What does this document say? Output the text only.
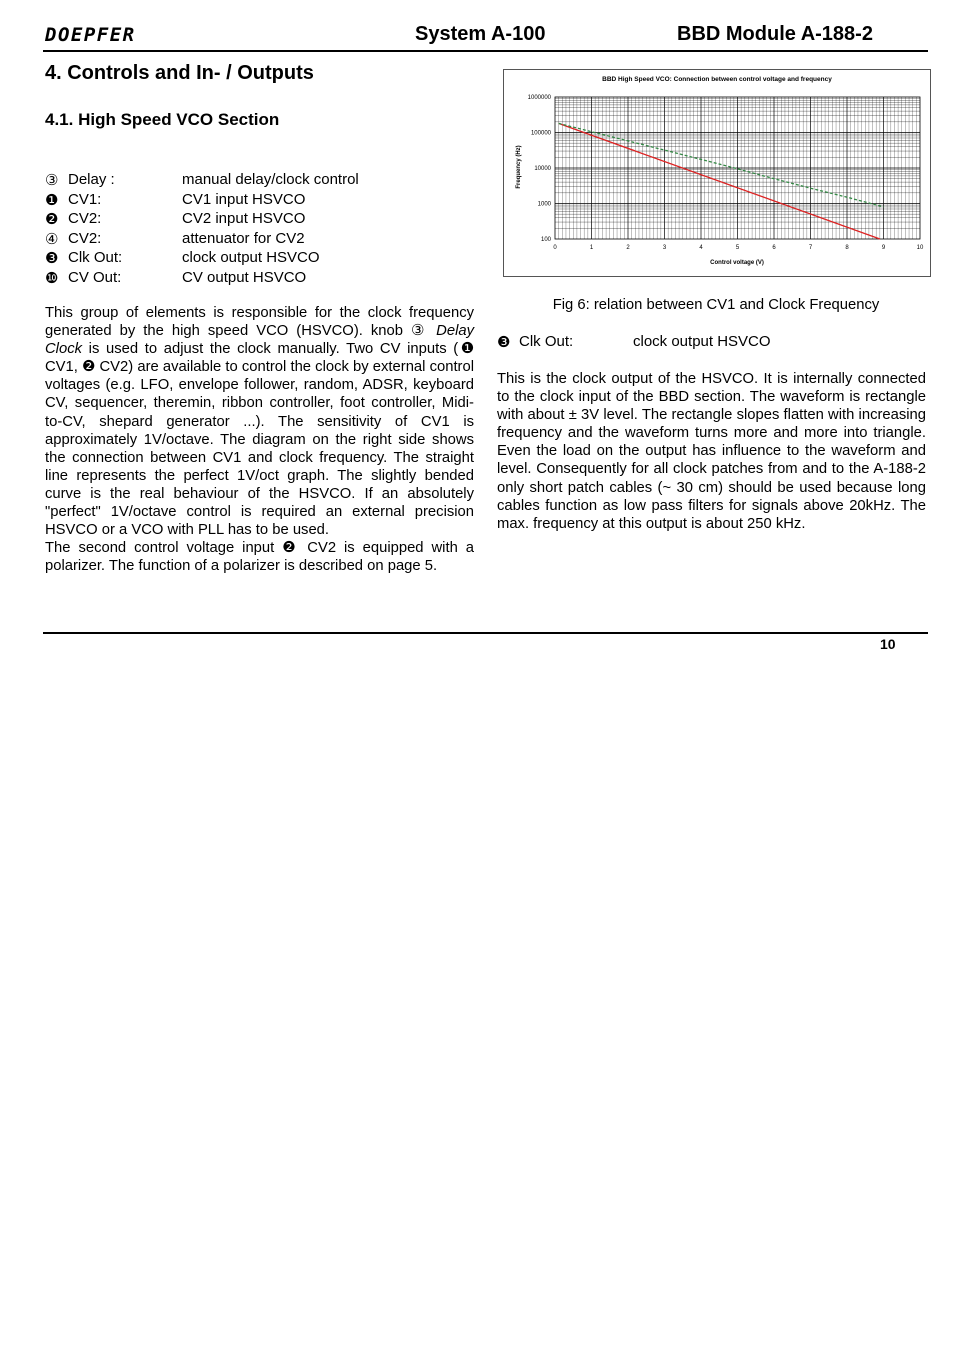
DOEPFER	System A-100	BBD Module A-188-2
4. Controls and In- / Outputs
4.1. High Speed VCO Section
③ Delay :	manual delay/clock control
❶ CV1:	CV1 input HSVCO
❷ CV2:	CV2 input HSVCO
④ CV2:	attenuator for CV2
❸ Clk Out:	clock output HSVCO
❿ CV Out:	CV output HSVCO

This group of elements is responsible for the clock frequency generated by the high speed VCO (HSVCO). knob ③ Delay Clock is used to adjust the clock manually. Two CV inputs (❶ CV1, ❷ CV2) are available to control the clock by external control voltages (e.g. LFO, envelope follower, random, ADSR, keyboard CV, sequencer, theremin, ribbon controller, foot controller, Midi-to-CV, shepard generator ...). The sensitivity of CV1 is approximately 1V/octave. The diagram on the right side shows the connection between CV1 and clock frequency. The straight line represents the perfect 1V/oct graph. The slightly bended curve is the real behaviour of the HSVCO. If an absolutely "perfect" 1V/octave control is required an external precision HSVCO or a VCO with PLL has to be used.

The second control voltage input ❷ CV2 is equipped with a polarizer. The function of a polarizer is described on page 5.

BBD High Speed VCO: Connection between control voltage and frequency
0	1	2	3	4	5	6	7	8	9	10
100
1000
10000
100000
1000000
Control voltage (V)
Frequency (Hz)
Fig 6: relation between CV1 and Clock Frequency
❸ Clk Out:	clock output HSVCO

This is the clock output of the HSVCO. It is internally connected to the clock input of the BBD section. The waveform is rectangle with about ± 3V level. The rectangle slopes flatten with increasing frequency and the waveform turns more and more into triangle. Even the load on the output has influence to the waveform and level. Consequently for all clock patches from and to the A-188-2 only short patch cables (~ 30 cm) should be used because long cables function as low pass filters for signals above 20kHz. The max. frequency at this output is about 250 kHz.

10
